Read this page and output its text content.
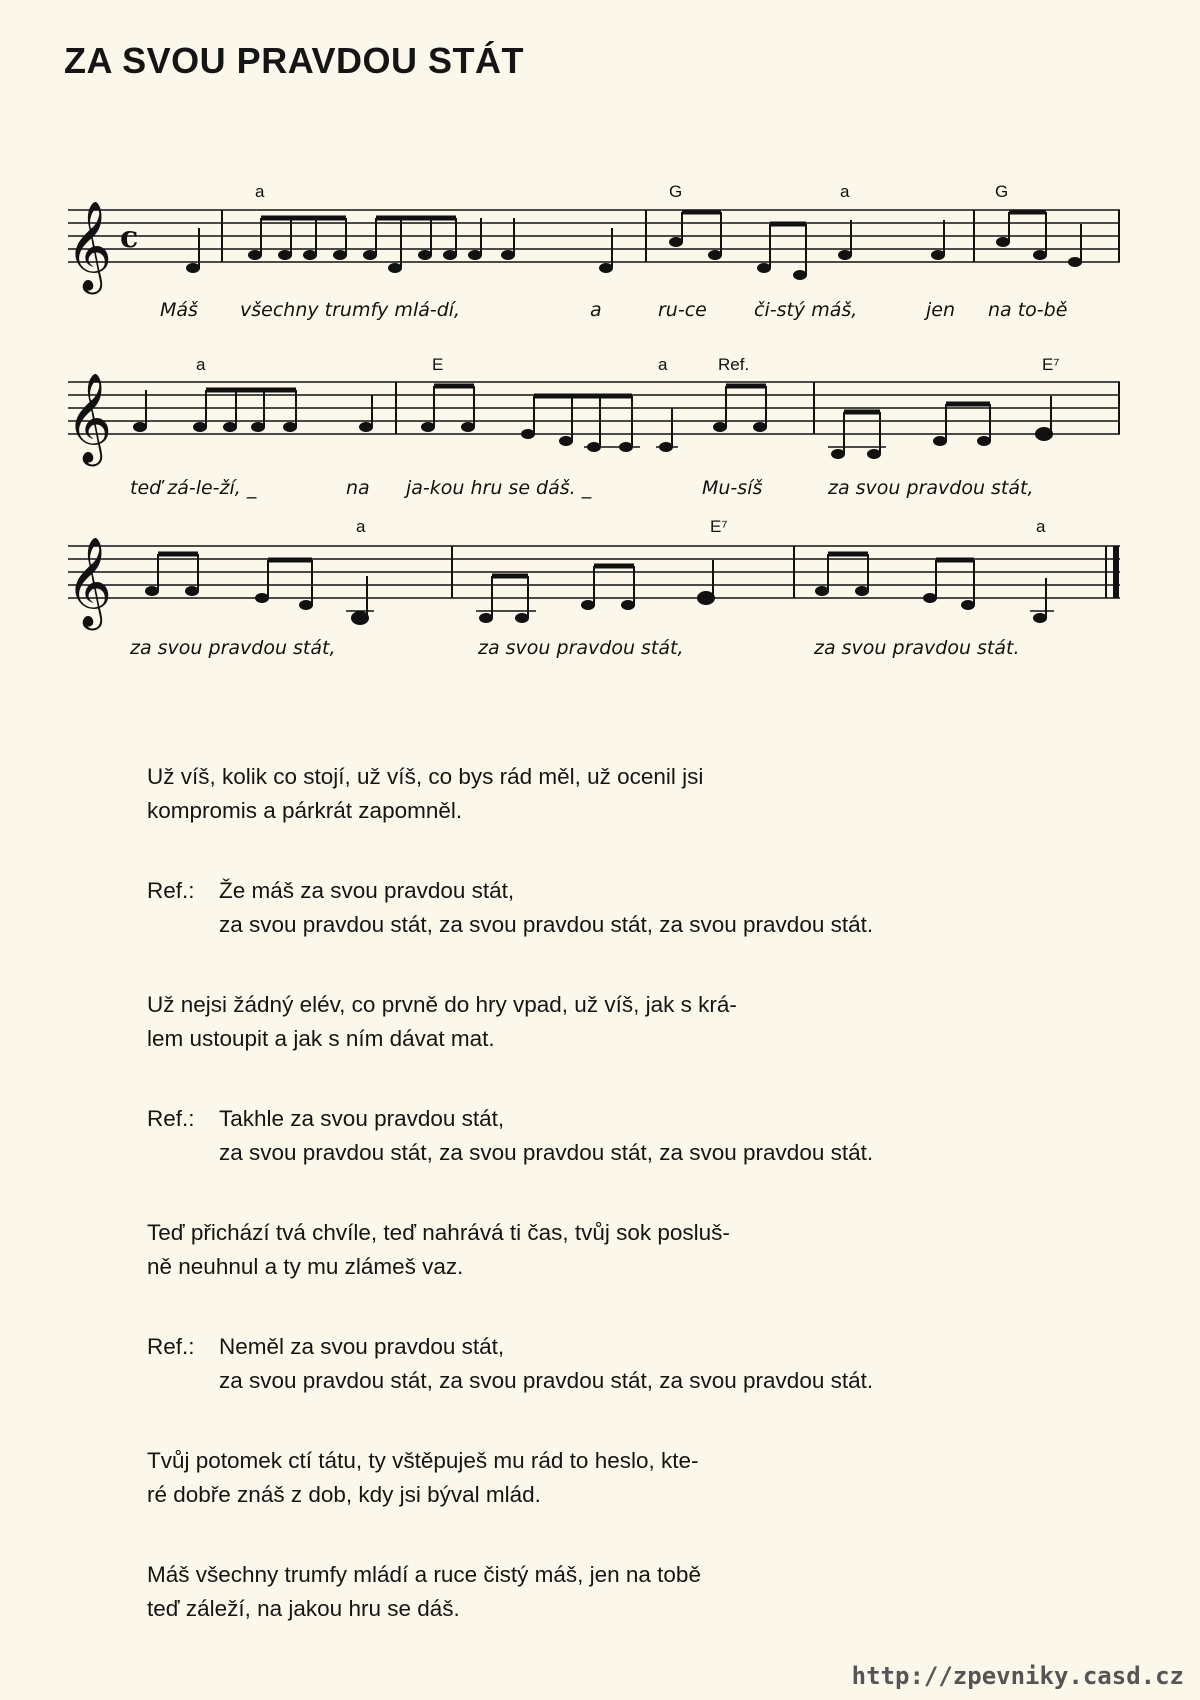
ZA SVOU PRAVDOU STÁT
𝄞 c
a	G	a	G
Máš všechny trumfy mlá-dí,	a	ru-ce či-stý máš,	jen na to-bě
𝄞
a	E	a	Ref.	E⁷
teď zá-le-ží, _	na ja-kou hru se dáš. _	Mu-síš	za svou pravdou stát,
𝄞
a	E⁷	a
za svou pravdou stát,	za svou pravdou stát,	za svou pravdou stát.
Už víš, kolik co stojí, už víš, co bys rád měl, už ocenil jsi
kompromis a párkrát zapomněl.
Ref.: Že máš za svou pravdou stát,
za svou pravdou stát, za svou pravdou stát, za svou pravdou stát.
Už nejsi žádný elév, co prvně do hry vpad, už víš, jak s krá-
lem ustoupit a jak s ním dávat mat.
Ref.: Takhle za svou pravdou stát,
za svou pravdou stát, za svou pravdou stát, za svou pravdou stát.
Teď přichází tvá chvíle, teď nahrává ti čas, tvůj sok posluš-
ně neuhnul a ty mu zlámeš vaz.
Ref.: Neměl za svou pravdou stát,
za svou pravdou stát, za svou pravdou stát, za svou pravdou stát.
Tvůj potomek ctí tátu, ty vštěpuješ mu rád to heslo, kte-
ré dobře znáš z dob, kdy jsi býval mlád.
Máš všechny trumfy mládí a ruce čistý máš, jen na tobě
teď záleží, na jakou hru se dáš.
http://zpevniky.casd.cz
